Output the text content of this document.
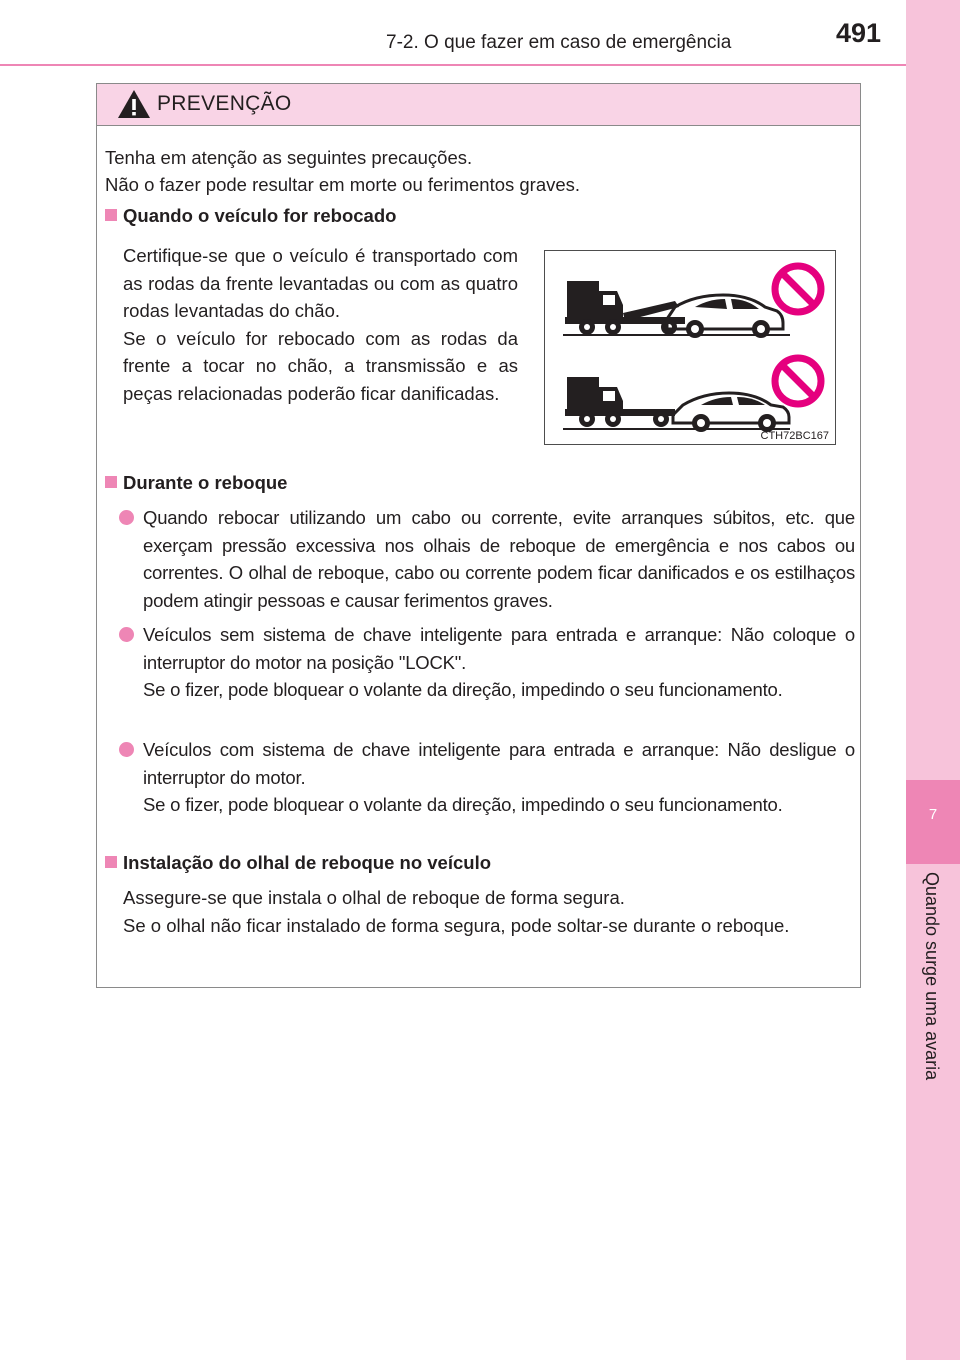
7
Quando surge uma avaria
7-2. O que fazer em caso de emergência	491
PREVENÇÃO

Tenha em atenção as seguintes precauções.

Não o fazer pode resultar em morte ou ferimentos graves.

Quando o veículo for rebocado
Certifique-se que o veículo é transportado com as rodas da frente levantadas ou com as quatro rodas levantadas do chão.
Se o veículo for rebocado com as rodas da frente a tocar no chão, a transmissão e as peças relacionadas poderão ficar danificadas.
CTH72BC167
Durante o reboque
Quando rebocar utilizando um cabo ou corrente, evite arranques súbitos, etc. que exerçam pressão excessiva nos olhais de reboque de emergência e nos cabos ou correntes. O olhal de reboque, cabo ou corrente podem ficar danificados e os estilhaços podem atingir pessoas e causar ferimentos graves.
Veículos sem sistema de chave inteligente para entrada e arranque: Não coloque o interruptor do motor na posição "LOCK".
Se o fizer, pode bloquear o volante da direção, impedindo o seu funcionamento.
Veículos com sistema de chave inteligente para entrada e arranque: Não desligue o interruptor do motor.
Se o fizer, pode bloquear o volante da direção, impedindo o seu funcionamento.
Instalação do olhal de reboque no veículo
Assegure-se que instala o olhal de reboque de forma segura.
Se o olhal não ficar instalado de forma segura, pode soltar-se durante o reboque.
